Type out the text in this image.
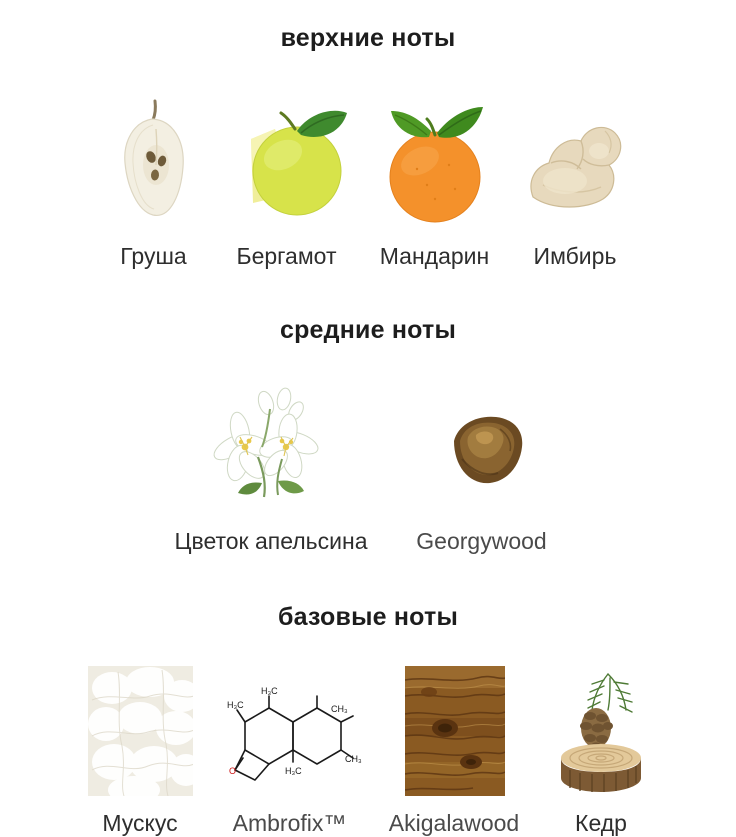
верхние ноты
Груша Бергамот Мандарин Имбирь
средние ноты
Цветок апельсина Georgywood
базовые ноты
Мускус
H₃C
H₃C
CH₃
CH₃
H₃C
O
Ambrofix™ Akigalawood Кедр
